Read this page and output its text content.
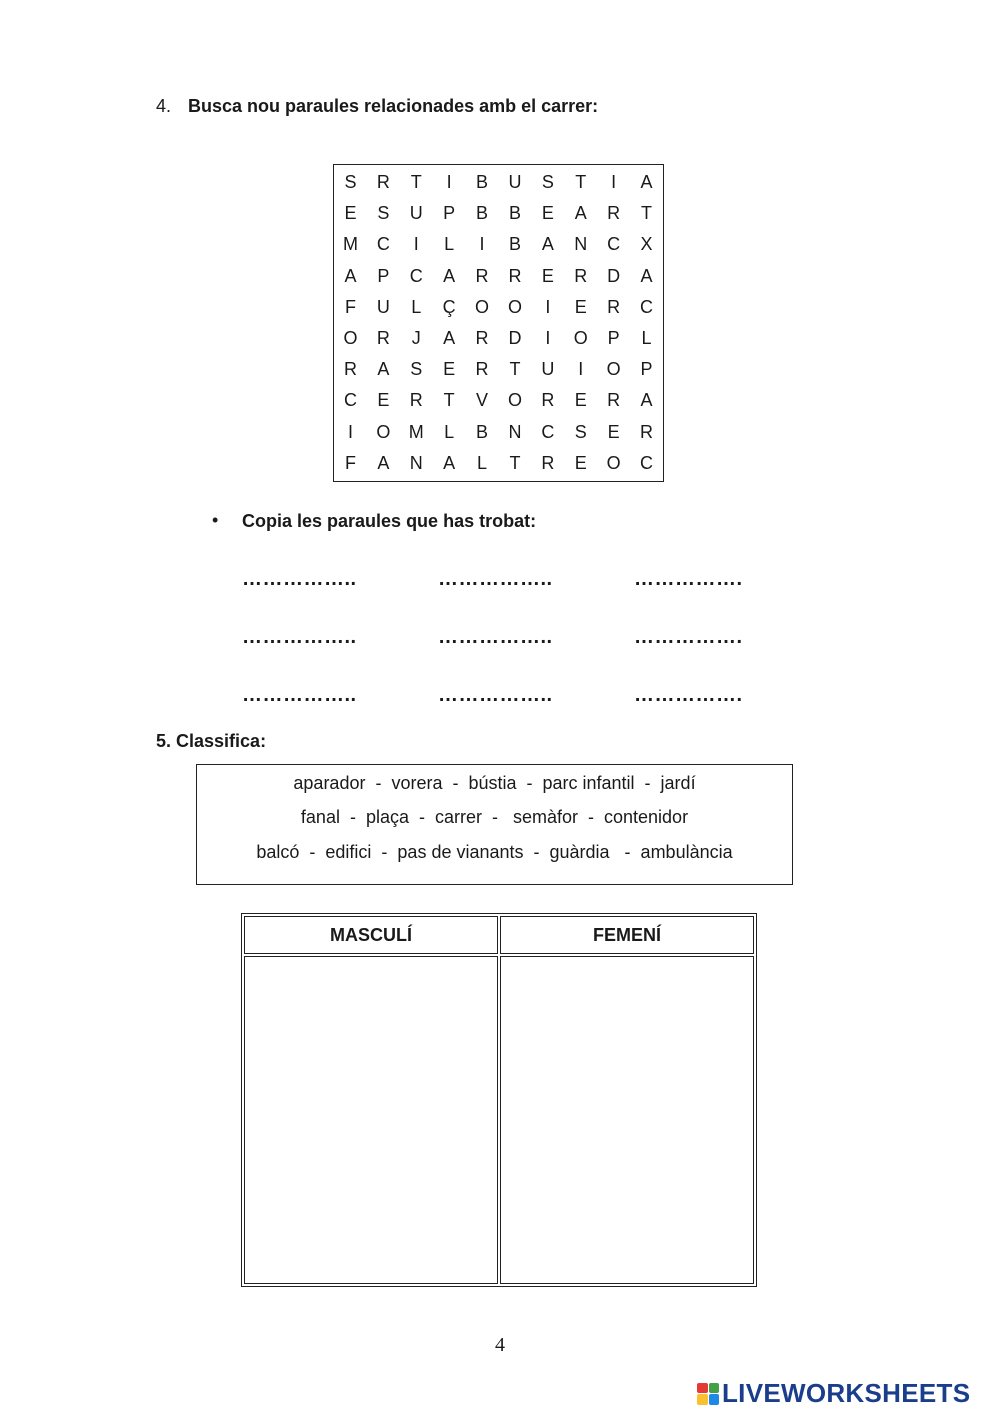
4. Busca nou paraules relacionades amb el carrer:
S	R	T	I	B	U	S	T	I	A
E	S	U	P	B	B	E	A	R	T
M	C	I	L	I	B	A	N	C	X
A	P	C	A	R	R	E	R	D	A
F	U	L	Ç	O	O	I	E	R	C
O	R	J	A	R	D	I	O	P	L
R	A	S	E	R	T	U	I	O	P
C	E	R	T	V	O	R	E	R	A
I	O	M	L	B	N	C	S	E	R
F	A	N	A	L	T	R	E	O	C
• Copia les paraules que has trobat:
……………..	……………..	…………….
……………..	……………..	…………….
……………..	……………..	…………….
5. Classifica:
aparador  -  vorera  -  bústia  -  parc infantil  -  jardí
fanal  -  plaça  -  carrer  -   semàfor  -  contenidor
balcó  -  edifici  -  pas de vianants  -  guàrdia   -  ambulància
MASCULÍ	FEMENÍ
4
LIVEWORKSHEETS
